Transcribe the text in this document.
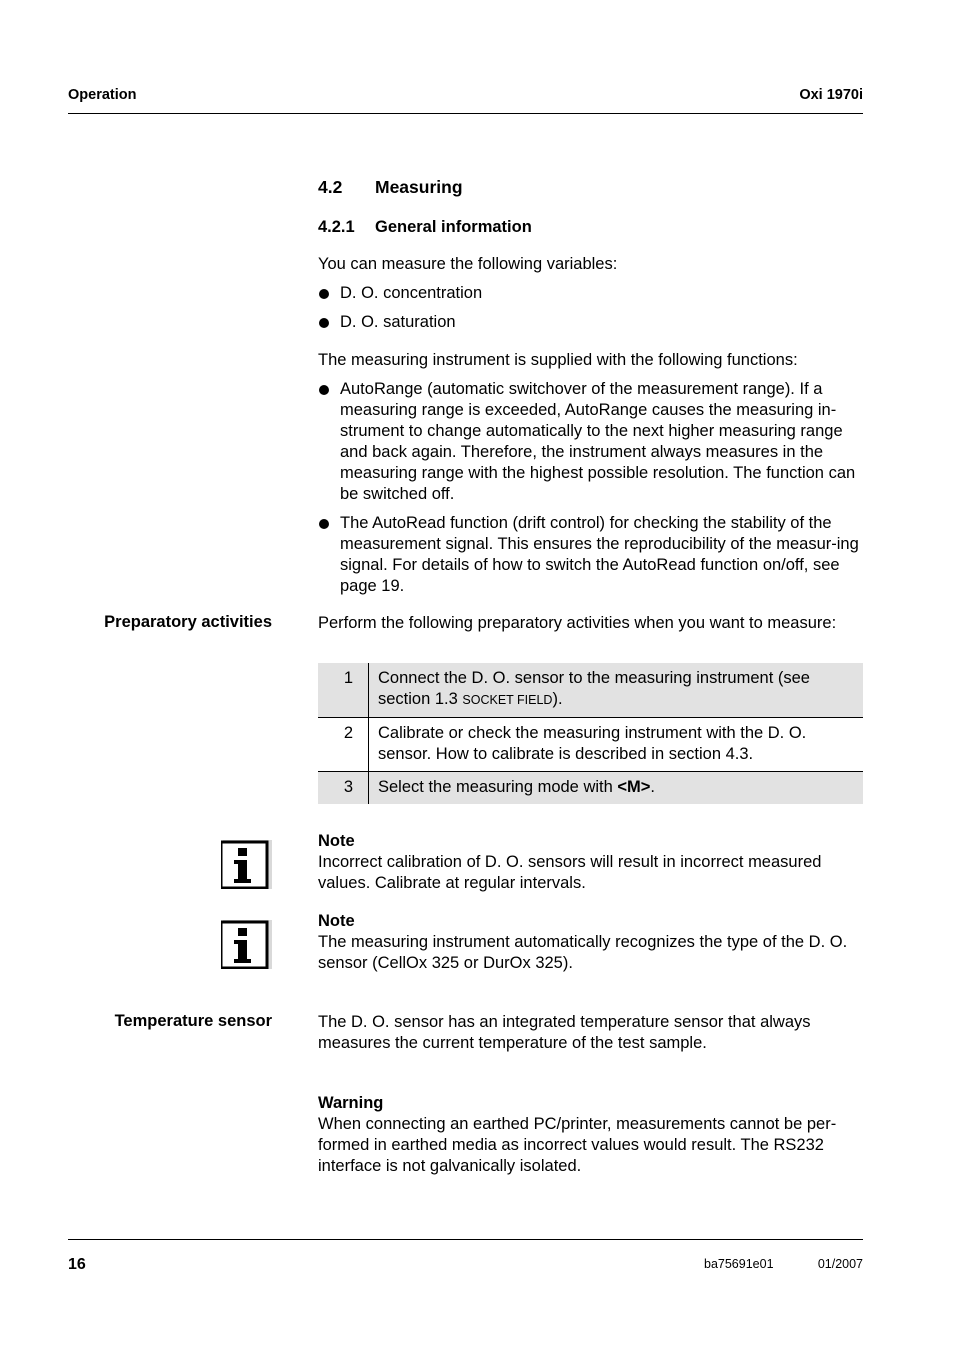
Operation	Oxi 1970i
4.2 Measuring
4.2.1 General information
You can measure the following variables:
D. O. concentration
D. O. saturation
The measuring instrument is supplied with the following functions:
AutoRange (automatic switchover of the measurement range). If a measuring range is exceeded, AutoRange causes the measuring in-strument to change automatically to the next higher measuring range and back again. Therefore, the instrument always measures in the measuring range with the highest possible resolution. The function can be switched off.
The AutoRead function (drift control) for checking the stability of the measurement signal. This ensures the reproducibility of the measur-ing signal. For details of how to switch the AutoRead function on/off, see page 19.
Preparatory activities	Perform the following preparatory activities when you want to measure:
1	Connect the D. O. sensor to the measuring instrument (see section 1.3 SOCKET FIELD).
2	Calibrate or check the measuring instrument with the D. O. sensor. How to calibrate is described in section 4.3.
3	Select the measuring mode with <M>.
Note
Incorrect calibration of D. O. sensors will result in incorrect measured values. Calibrate at regular intervals.
Note
The measuring instrument automatically recognizes the type of the D. O. sensor (CellOx 325 or DurOx 325).
Temperature sensor	The D. O. sensor has an integrated temperature sensor that always measures the current temperature of the test sample.
Warning
When connecting an earthed PC/printer, measurements cannot be per-formed in earthed media as incorrect values would result. The RS232 interface is not galvanically isolated.
16	ba75691e01	01/2007
